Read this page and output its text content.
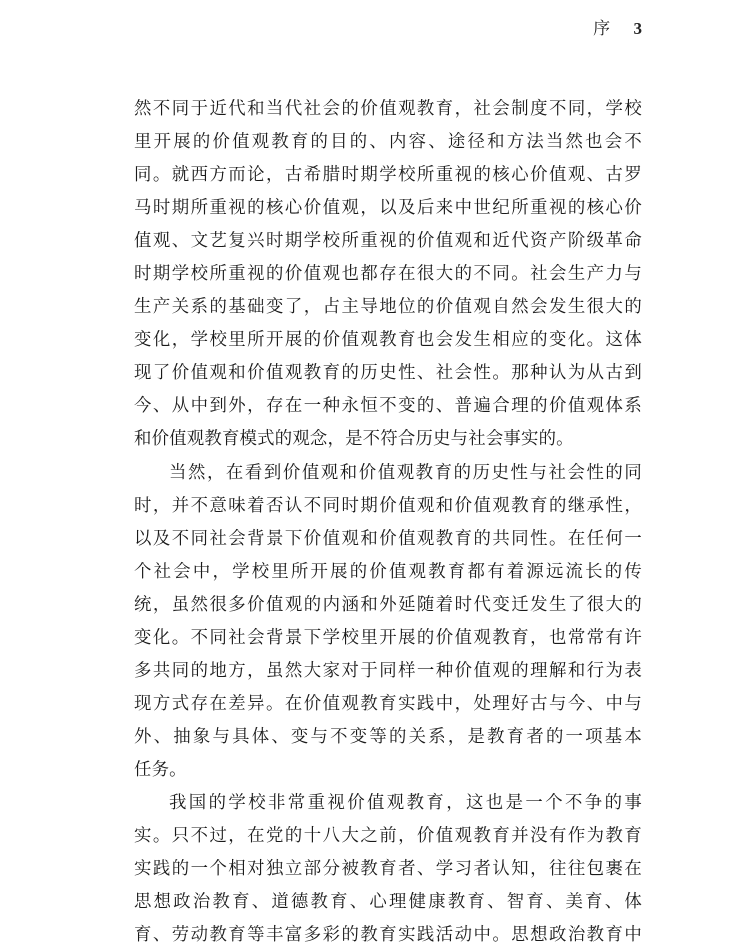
序 3
然不同于近代和当代社会的价值观教育，社会制度不同，学校
里开展的价值观教育的目的、内容、途径和方法当然也会不
同。就西方而论，古希腊时期学校所重视的核心价值观、古罗
马时期所重视的核心价值观，以及后来中世纪所重视的核心价
值观、文艺复兴时期学校所重视的价值观和近代资产阶级革命
时期学校所重视的价值观也都存在很大的不同。社会生产力与
生产关系的基础变了，占主导地位的价值观自然会发生很大的
变化，学校里所开展的价值观教育也会发生相应的变化。这体
现了价值观和价值观教育的历史性、社会性。那种认为从古到
今、从中到外，存在一种永恒不变的、普遍合理的价值观体系
和价值观教育模式的观念，是不符合历史与社会事实的。
当然，在看到价值观和价值观教育的历史性与社会性的同
时，并不意味着否认不同时期价值观和价值观教育的继承性，
以及不同社会背景下价值观和价值观教育的共同性。在任何一
个社会中，学校里所开展的价值观教育都有着源远流长的传
统，虽然很多价值观的内涵和外延随着时代变迁发生了很大的
变化。不同社会背景下学校里开展的价值观教育，也常常有许
多共同的地方，虽然大家对于同样一种价值观的理解和行为表
现方式存在差异。在价值观教育实践中，处理好古与今、中与
外、抽象与具体、变与不变等的关系，是教育者的一项基本
任务。
我国的学校非常重视价值观教育，这也是一个不争的事
实。只不过，在党的十八大之前，价值观教育并没有作为教育
实践的一个相对独立部分被教育者、学习者认知，往往包裹在
思想政治教育、道德教育、心理健康教育、智育、美育、体
育、劳动教育等丰富多彩的教育实践活动中。思想政治教育中
